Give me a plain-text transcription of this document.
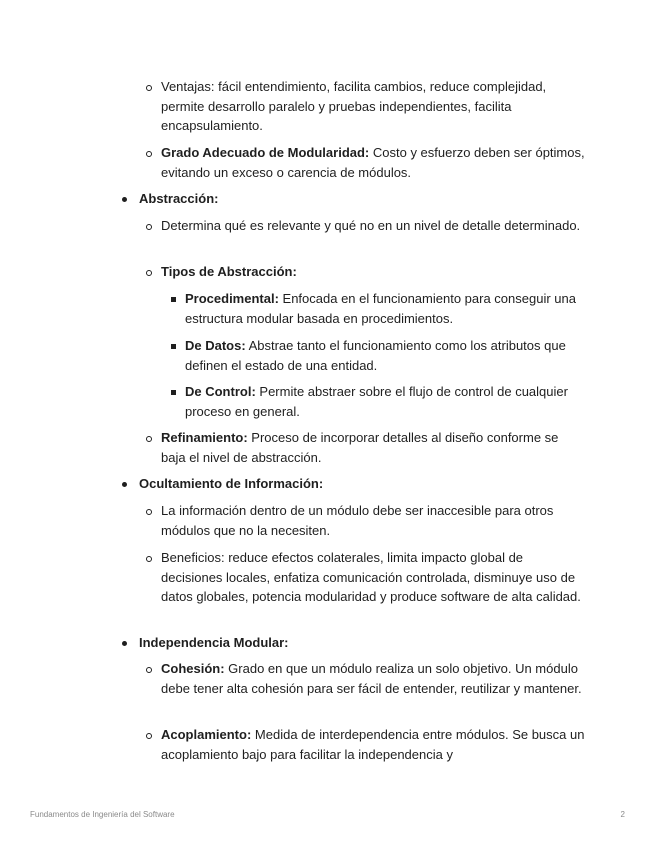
Ventajas: fácil entendimiento, facilita cambios, reduce complejidad, permite desarrollo paralelo y pruebas independientes, facilita encapsulamiento.
Grado Adecuado de Modularidad: Costo y esfuerzo deben ser óptimos, evitando un exceso o carencia de módulos.
Abstracción:
Determina qué es relevante y qué no en un nivel de detalle determinado.
Tipos de Abstracción:
Procedimental: Enfocada en el funcionamiento para conseguir una estructura modular basada en procedimientos.
De Datos: Abstrae tanto el funcionamiento como los atributos que definen el estado de una entidad.
De Control: Permite abstraer sobre el flujo de control de cualquier proceso en general.
Refinamiento: Proceso de incorporar detalles al diseño conforme se baja el nivel de abstracción.
Ocultamiento de Información:
La información dentro de un módulo debe ser inaccesible para otros módulos que no la necesiten.
Beneficios: reduce efectos colaterales, limita impacto global de decisiones locales, enfatiza comunicación controlada, disminuye uso de datos globales, potencia modularidad y produce software de alta calidad.
Independencia Modular:
Cohesión: Grado en que un módulo realiza un solo objetivo. Un módulo debe tener alta cohesión para ser fácil de entender, reutilizar y mantener.
Acoplamiento: Medida de interdependencia entre módulos. Se busca un acoplamiento bajo para facilitar la independencia y
Fundamentos de Ingeniería del Software	2
